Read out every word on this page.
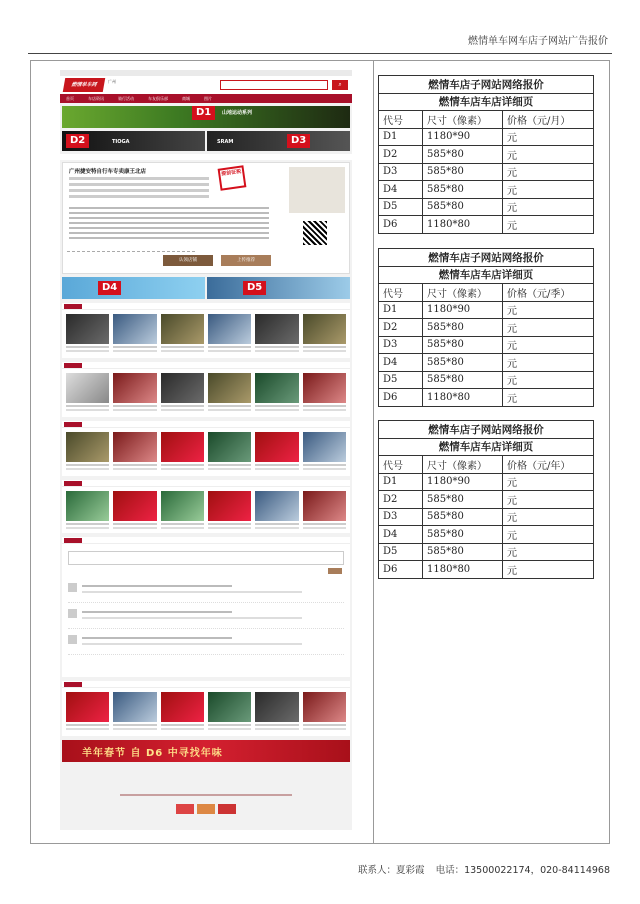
燃情单车网车店子网站广告报价
燃情单车网
广州	⌕
首页	车店资讯	骑行活动	车友俱乐部	商城	图片
D1	山地运动系列
D2	TIOGA	SRAM	D3
广州捷安特自行车专卖康王北店	提前征税
认领店铺	上传推荐
D4	D5
羊年春节 自 D6 中寻找年味
燃情车店子网站网络报价		
燃情车店车店详细页		
代号	尺寸（像素）	价格（元/月）
D1	1180*90	元
D2	585*80	元
D3	585*80	元
D4	585*80	元
D5	585*80	元
D6	1180*80	元
燃情车店子网站网络报价		
燃情车店车店详细页		
代号	尺寸（像素）	价格（元/季）
D1	1180*90	元
D2	585*80	元
D3	585*80	元
D4	585*80	元
D5	585*80	元
D6	1180*80	元
燃情车店子网站网络报价		
燃情车店车店详细页		
代号	尺寸（像素）	价格（元/年）
D1	1180*90	元
D2	585*80	元
D3	585*80	元
D4	585*80	元
D5	585*80	元
D6	1180*80	元
联系人：夏彩霞 电话：13500022174，020-84114968
